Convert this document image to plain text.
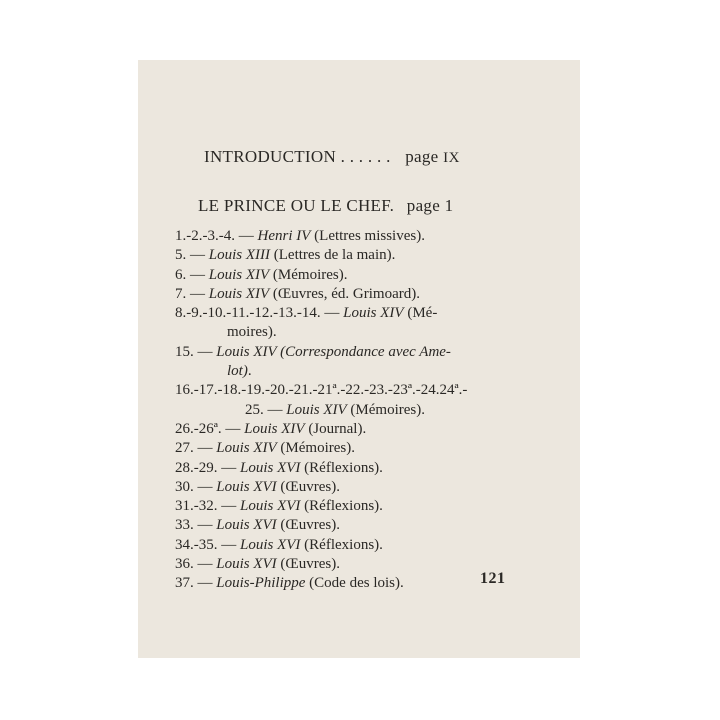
INTRODUCTION . . . . . . page IX
LE PRINCE OU LE CHEF. page 1
1.-2.-3.-4. — Henri IV (Lettres missives).
5. — Louis XIII (Lettres de la main).
6. — Louis XIV (Mémoires).
7. — Louis XIV (Œuvres, éd. Grimoard).
8.-9.-10.-11.-12.-13.-14. — Louis XIV (Mé-
moires).
15. — Louis XIV (Correspondance avec Ame-
lot).
16.-17.-18.-19.-20.-21.-21ª.-22.-23.-23ª.-24.24ª.-
25. — Louis XIV (Mémoires).
26.-26ª. — Louis XIV (Journal).
27. — Louis XIV (Mémoires).
28.-29. — Louis XVI (Réflexions).
30. — Louis XVI (Œuvres).
31.-32. — Louis XVI (Réflexions).
33. — Louis XVI (Œuvres).
34.-35. — Louis XVI (Réflexions).
36. — Louis XVI (Œuvres).
37. — Louis-Philippe (Code des lois).	121
